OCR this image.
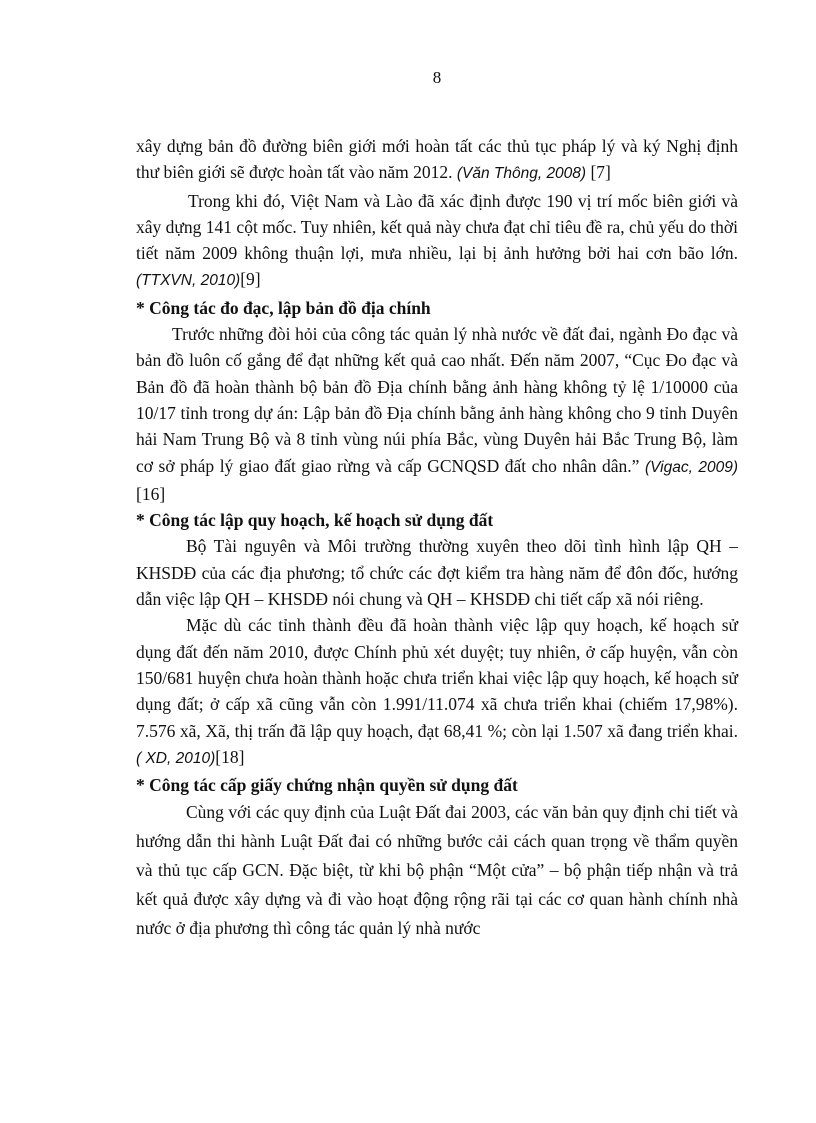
8

xây dựng bản đồ đường biên giới mới hoàn tất các thủ tục pháp lý và ký Nghị định thư biên giới sẽ được hoàn tất vào năm 2012. (Văn Thông, 2008) [7]

Trong khi đó, Việt Nam và Lào đã xác định được 190 vị trí mốc biên giới và xây dựng 141 cột mốc. Tuy nhiên, kết quả này chưa đạt chỉ tiêu đề ra, chủ yếu do thời tiết năm 2009 không thuận lợi, mưa nhiều, lại bị ảnh hưởng bởi hai cơn bão lớn. (TTXVN, 2010)[9]

* Công tác đo đạc, lập bản đồ địa chính

Trước những đòi hỏi của công tác quản lý nhà nước về đất đai, ngành Đo đạc và bản đồ luôn cố gắng để đạt những kết quả cao nhất. Đến năm 2007, “Cục Đo đạc và Bản đồ đã hoàn thành bộ bản đồ Địa chính bằng ảnh hàng không tỷ lệ 1/10000 của 10/17 tỉnh trong dự án: Lập bản đồ Địa chính bằng ảnh hàng không cho 9 tỉnh Duyên hải Nam Trung Bộ và 8 tỉnh vùng núi phía Bắc, vùng Duyên hải Bắc Trung Bộ, làm cơ sở pháp lý giao đất giao rừng và cấp GCNQSD đất cho nhân dân.” (Vigac, 2009) [16]

* Công tác lập quy hoạch, kế hoạch sử dụng đất

Bộ Tài nguyên và Môi trường thường xuyên theo dõi tình hình lập QH – KHSDĐ của các địa phương; tổ chức các đợt kiểm tra hàng năm để đôn đốc, hướng dẫn việc lập QH – KHSDĐ nói chung và QH – KHSDĐ chi tiết cấp xã nói riêng.

Mặc dù các tỉnh thành đều đã hoàn thành việc lập quy hoạch, kế hoạch sử dụng đất đến năm 2010, được Chính phủ xét duyệt; tuy nhiên, ở cấp huyện, vẫn còn 150/681 huyện chưa hoàn thành hoặc chưa triển khai việc lập quy hoạch, kế hoạch sử dụng đất; ở cấp xã cũng vẫn còn 1.991/11.074 xã chưa triển khai (chiếm 17,98%). 7.576 xã, Xã, thị trấn đã lập quy hoạch, đạt 68,41 %; còn lại 1.507 xã đang triển khai. ( XD, 2010)[18]

* Công tác cấp giấy chứng nhận quyền sử dụng đất

Cùng với các quy định của Luật Đất đai 2003, các văn bản quy định chi tiết và hướng dẫn thi hành Luật Đất đai có những bước cải cách quan trọng về thẩm quyền và thủ tục cấp GCN. Đặc biệt, từ khi bộ phận “Một cửa” – bộ phận tiếp nhận và trả kết quả được xây dựng và đi vào hoạt động rộng rãi tại các cơ quan hành chính nhà nước ở địa phương thì công tác quản lý nhà nước
